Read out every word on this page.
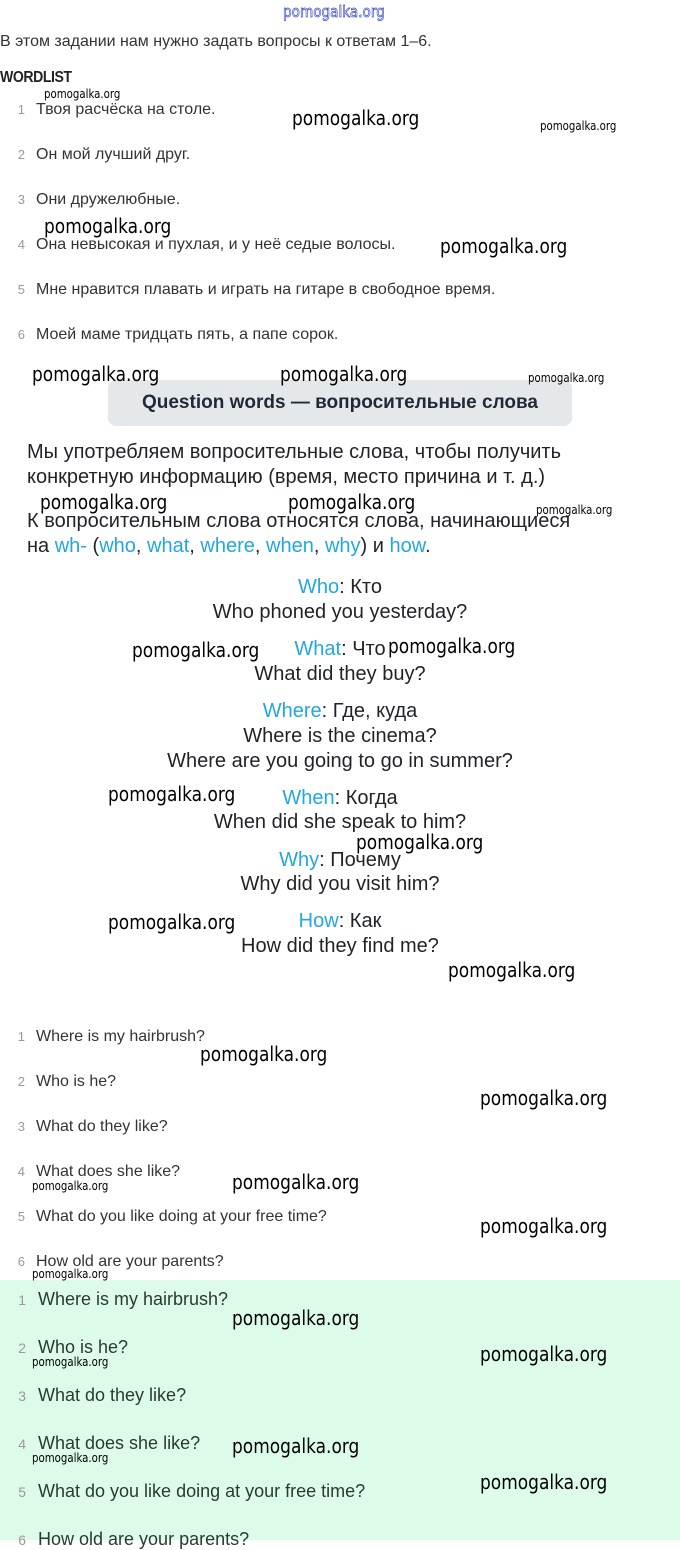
pomogalka.org
В этом задании нам нужно задать вопросы к ответам 1–6.
WORDLIST
1 Твоя расчёска на столе.
2 Он мой лучший друг.
3 Они дружелюбные.
4 Она невысокая и пухлая, и у неё седые волосы.
5 Мне нравится плавать и играть на гитаре в свободное время.
6 Моей маме тридцать пять, а папе сорок.
Question words — вопросительные слова
Мы употребляем вопросительные слова, чтобы получить
конкретную информацию (время, место причина и т. д.)
К вопросительным слова относятся слова, начинающиеся
на wh- (who, what, where, when, why) и how.
Who: Кто
Who phoned you yesterday?
What: Что
What did they buy?
Where: Где, куда
Where is the cinema?
Where are you going to go in summer?
When: Когда
When did she speak to him?
Why: Почему
Why did you visit him?
How: Как
How did they find me?
1 Where is my hairbrush?
2 Who is he?
3 What do they like?
4 What does she like?
5 What do you like doing at your free time?
6 How old are your parents?
1 Where is my hairbrush?
2 Who is he?
3 What do they like?
4 What does she like?
5 What do you like doing at your free time?
6 How old are your parents?
pomogalka.org
pomogalka.org	pomogalka.org
pomogalka.org
pomogalka.org
pomogalka.org	pomogalka.org	pomogalka.org
pomogalka.org	pomogalka.org	pomogalka.org
pomogalka.org	pomogalka.org
pomogalka.org
pomogalka.org
pomogalka.org
pomogalka.org
pomogalka.org
pomogalka.org
pomogalka.org	pomogalka.org
pomogalka.org
pomogalka.org
pomogalka.org
pomogalka.org	pomogalka.org
pomogalka.org
pomogalka.org
pomogalka.org
